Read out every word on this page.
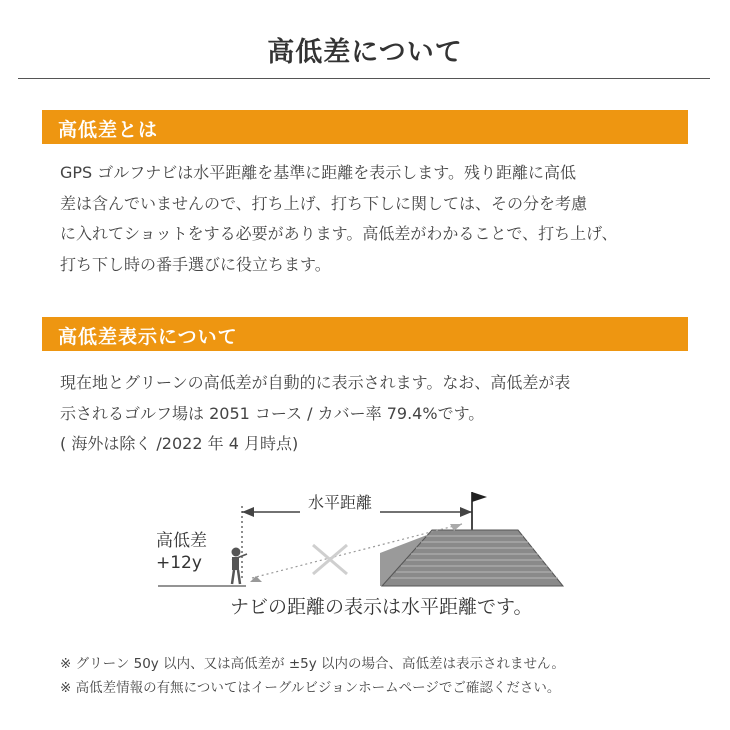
高低差について
高低差とは

GPS ゴルフナビは水平距離を基準に距離を表示します。残り距離に高低

差は含んでいませんので、打ち上げ、打ち下しに関しては、その分を考慮

に入れてショットをする必要があります。高低差がわかることで、打ち上げ、

打ち下し時の番手選びに役立ちます。

高低差表示について

現在地とグリーンの高低差が自動的に表示されます。なお、高低差が表

示されるゴルフ場は 2051 コース / カバー率 79.4%です。

( 海外は除く /2022 年 4 月時点)

水平距離
高低差
+12y
ナビの距離の表示は水平距離です。

※ グリーン 50y 以内、又は高低差が ±5y 以内の場合、高低差は表示されません。

※ 高低差情報の有無についてはイーグルビジョンホームページでご確認ください。
